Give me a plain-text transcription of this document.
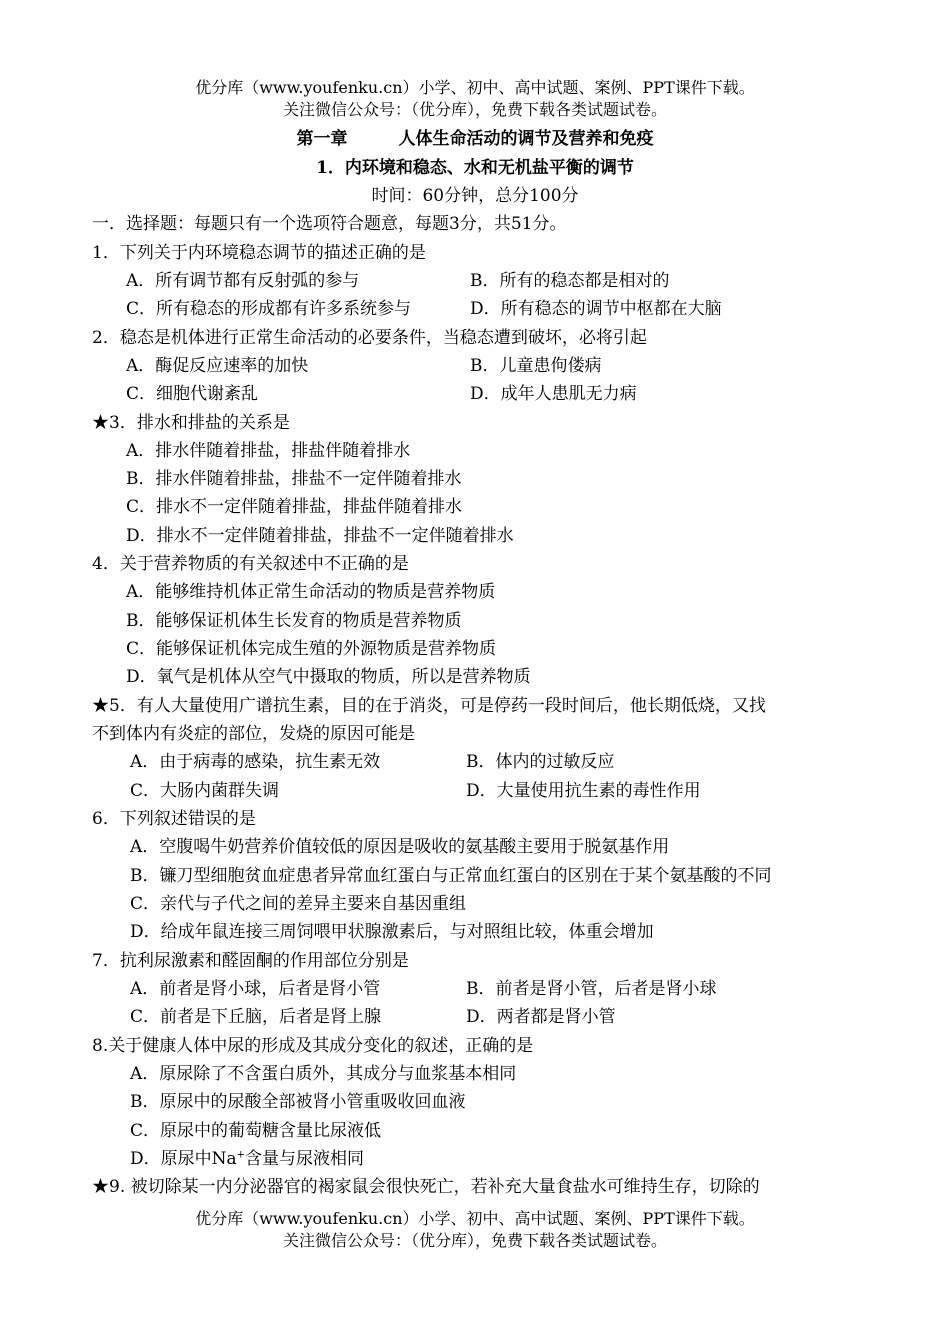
优分库（www.youfenku.cn）小学、初中、高中试题、案例、PPT课件下载。
关注微信公众号：（优分库），免费下载各类试题试卷。
第一章　　　人体生命活动的调节及营养和免疫
1．内环境和稳态、水和无机盐平衡的调节
时间：60分钟，总分100分
一．选择题：每题只有一个选项符合题意，每题3分，共51分。
1．下列关于内环境稳态调节的描述正确的是
A．所有调节都有反射弧的参与	B．所有的稳态都是相对的
C．所有稳态的形成都有许多系统参与	D．所有稳态的调节中枢都在大脑
2．稳态是机体进行正常生命活动的必要条件，当稳态遭到破坏，必将引起
A．酶促反应速率的加快	B．儿童患佝偻病
C．细胞代谢紊乱	D．成年人患肌无力病
★3．排水和排盐的关系是
A．排水伴随着排盐，排盐伴随着排水
B．排水伴随着排盐，排盐不一定伴随着排水
C．排水不一定伴随着排盐，排盐伴随着排水
D．排水不一定伴随着排盐，排盐不一定伴随着排水
4．关于营养物质的有关叙述中不正确的是
A．能够维持机体正常生命活动的物质是营养物质
B．能够保证机体生长发育的物质是营养物质
C．能够保证机体完成生殖的外源物质是营养物质
D．氧气是机体从空气中摄取的物质，所以是营养物质
★5．有人大量使用广谱抗生素，目的在于消炎，可是停药一段时间后，他长期低烧，又找
不到体内有炎症的部位，发烧的原因可能是
A．由于病毒的感染，抗生素无效	B．体内的过敏反应
C．大肠内菌群失调	D．大量使用抗生素的毒性作用
6．下列叙述错误的是
A．空腹喝牛奶营养价值较低的原因是吸收的氨基酸主要用于脱氨基作用
B．镰刀型细胞贫血症患者异常血红蛋白与正常血红蛋白的区别在于某个氨基酸的不同
C．亲代与子代之间的差异主要来自基因重组
D．给成年鼠连接三周饲喂甲状腺激素后，与对照组比较，体重会增加
7．抗利尿激素和醛固酮的作用部位分别是
A．前者是肾小球，后者是肾小管	B．前者是肾小管，后者是肾小球
C．前者是下丘脑，后者是肾上腺	D．两者都是肾小管
8.关于健康人体中尿的形成及其成分变化的叙述，正确的是
A．原尿除了不含蛋白质外，其成分与血浆基本相同
B．原尿中的尿酸全部被肾小管重吸收回血液
C．原尿中的葡萄糖含量比尿液低
D．原尿中Na+含量与尿液相同
★9. 被切除某一内分泌器官的褐家鼠会很快死亡，若补充大量食盐水可维持生存，切除的
优分库（www.youfenku.cn）小学、初中、高中试题、案例、PPT课件下载。
关注微信公众号：（优分库），免费下载各类试题试卷。
